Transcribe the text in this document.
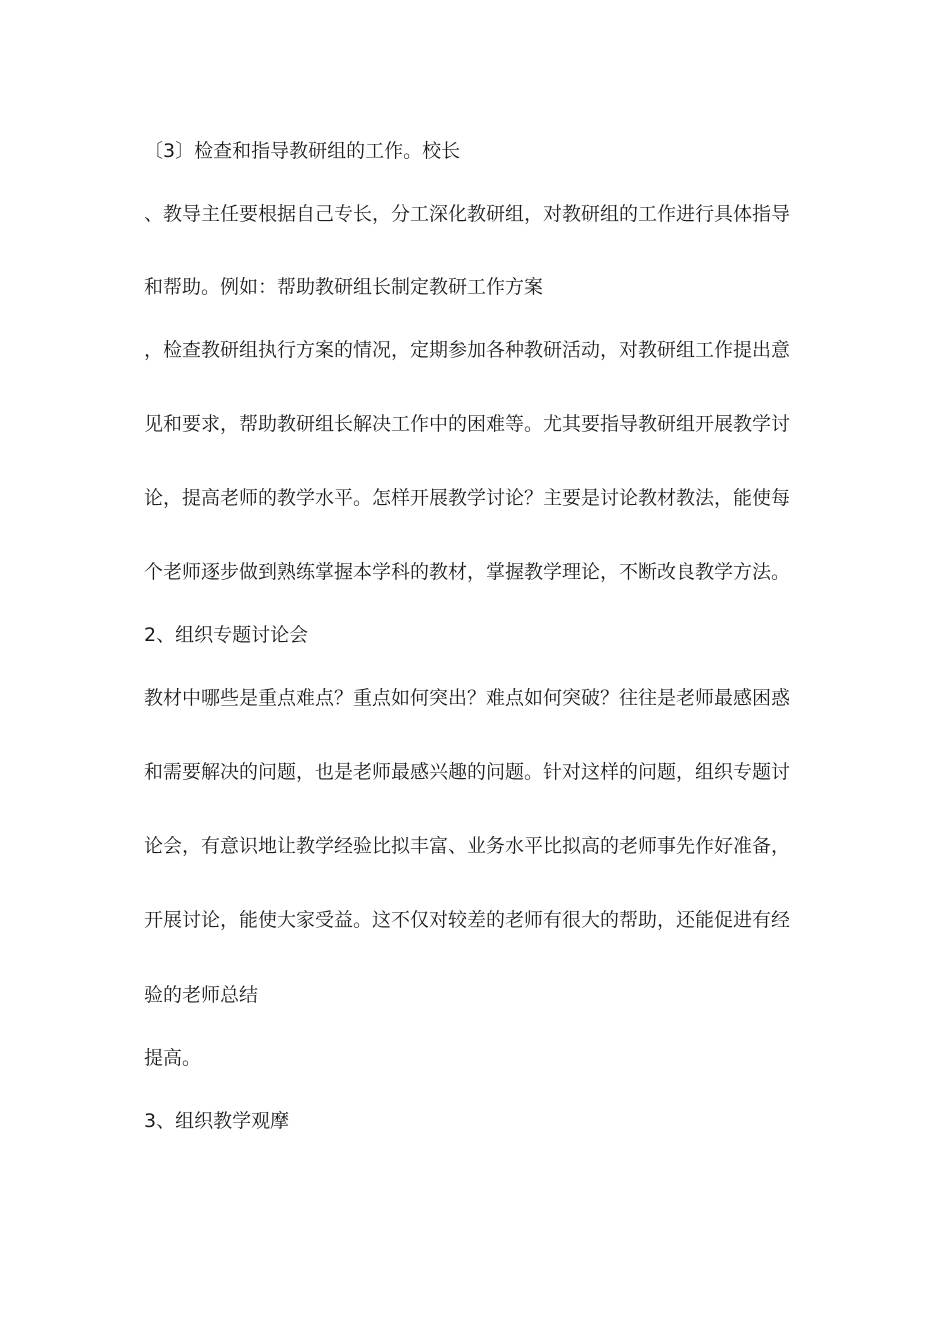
〔3〕检查和指导教研组的工作。校长
、教导主任要根据自己专长，分工深化教研组，对教研组的工作进行具体指导
和帮助。例如：帮助教研组长制定教研工作方案
，检查教研组执行方案的情况，定期参加各种教研活动，对教研组工作提出意
见和要求，帮助教研组长解决工作中的困难等。尤其要指导教研组开展教学讨
论，提高老师的教学水平。怎样开展教学讨论？主要是讨论教材教法，能使每
个老师逐步做到熟练掌握本学科的教材，掌握教学理论，不断改良教学方法。
2、组织专题讨论会
教材中哪些是重点难点？重点如何突出？难点如何突破？往往是老师最感困惑
和需要解决的问题，也是老师最感兴趣的问题。针对这样的问题，组织专题讨
论会，有意识地让教学经验比拟丰富、业务水平比拟高的老师事先作好准备，
开展讨论，能使大家受益。这不仅对较差的老师有很大的帮助，还能促进有经
验的老师总结
提高。
3、组织教学观摩
